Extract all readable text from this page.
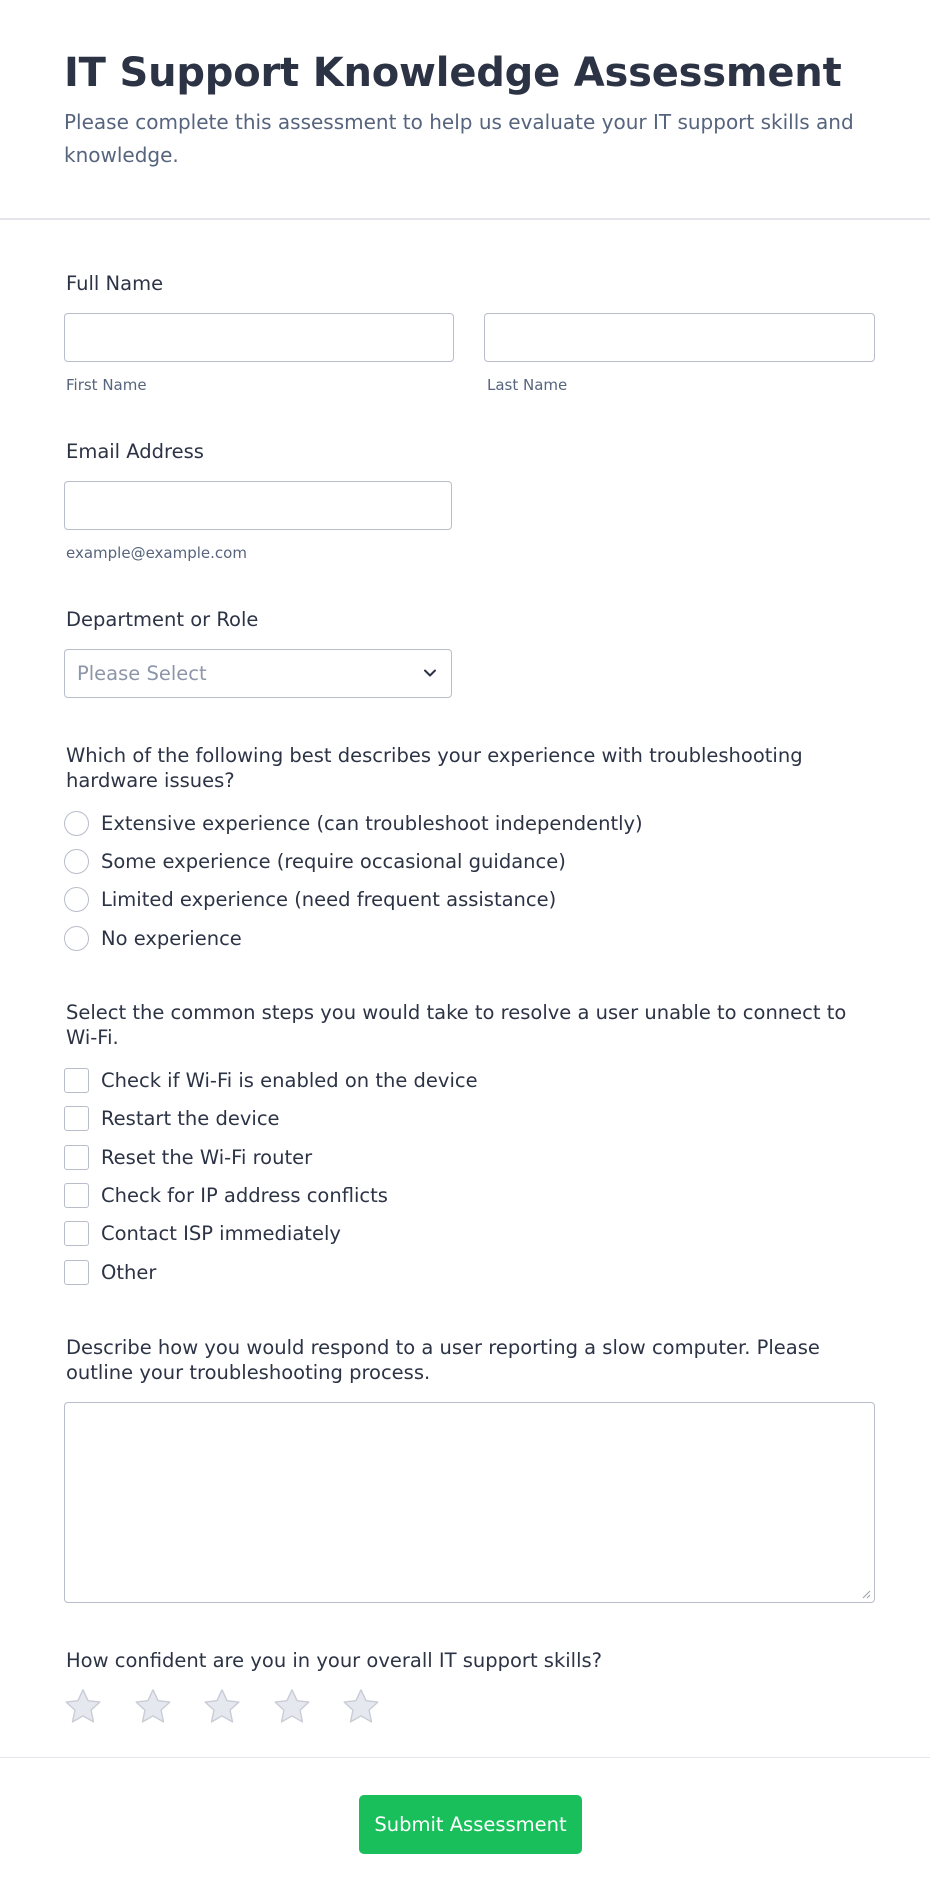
IT Support Knowledge Assessment

Please complete this assessment to help us evaluate your IT support skills and knowledge.

Full Name
First Name	Last Name
Email Address
example@example.com
Department or Role
Please Select
Which of the following best describes your experience with troubleshooting hardware issues?
Extensive experience (can troubleshoot independently)
Some experience (require occasional guidance)
Limited experience (need frequent assistance)
No experience
Select the common steps you would take to resolve a user unable to connect to Wi-Fi.
Check if Wi-Fi is enabled on the device
Restart the device
Reset the Wi-Fi router
Check for IP address conflicts
Contact ISP immediately
Other
Describe how you would respond to a user reporting a slow computer. Please outline your troubleshooting process.
How confident are you in your overall IT support skills?
Submit Assessment
